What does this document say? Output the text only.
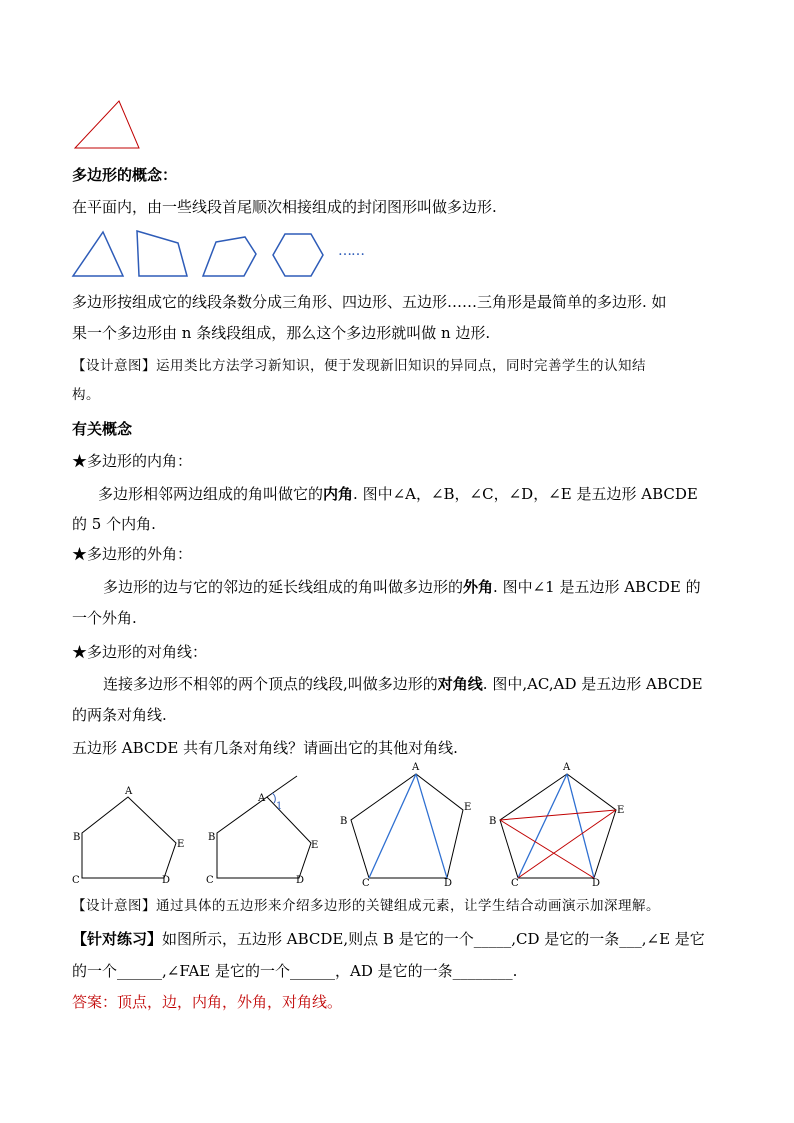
多边形的概念：
在平面内，由一些线段首尾顺次相接组成的封闭图形叫做多边形.
……
多边形按组成它的线段条数分成三角形、四边形、五边形……三角形是最简单的多边形. 如
果一个多边形由 n 条线段组成，那么这个多边形就叫做 n 边形.
【设计意图】运用类比方法学习新知识，便于发现新旧知识的异同点，同时完善学生的认知结
构。
有关概念
★多边形的内角：
多边形相邻两边组成的角叫做它的内角. 图中∠A，∠B，∠C，∠D，∠E 是五边形 ABCDE
的 5 个内角.
★多边形的外角：
多边形的边与它的邻边的延长线组成的角叫做多边形的外角. 图中∠1 是五边形 ABCDE 的
一个外角.
★多边形的对角线：
连接多边形不相邻的两个顶点的线段,叫做多边形的对角线. 图中,AC,AD 是五边形 ABCDE
的两条对角线.
五边形 ABCDE 共有几条对角线？请画出它的其他对角线.
A
B
C	D
E
A
1
B
C	D
E
A
B
C	D
E
A
B
C	D
E
【设计意图】通过具体的五边形来介绍多边形的关键组成元素，让学生结合动画演示加深理解。
【针对练习】如图所示，五边形 ABCDE,则点 B 是它的一个_____,CD 是它的一条___,∠E 是它
的一个______,∠FAE 是它的一个______，AD 是它的一条________.
答案：顶点，边，内角，外角，对角线。
